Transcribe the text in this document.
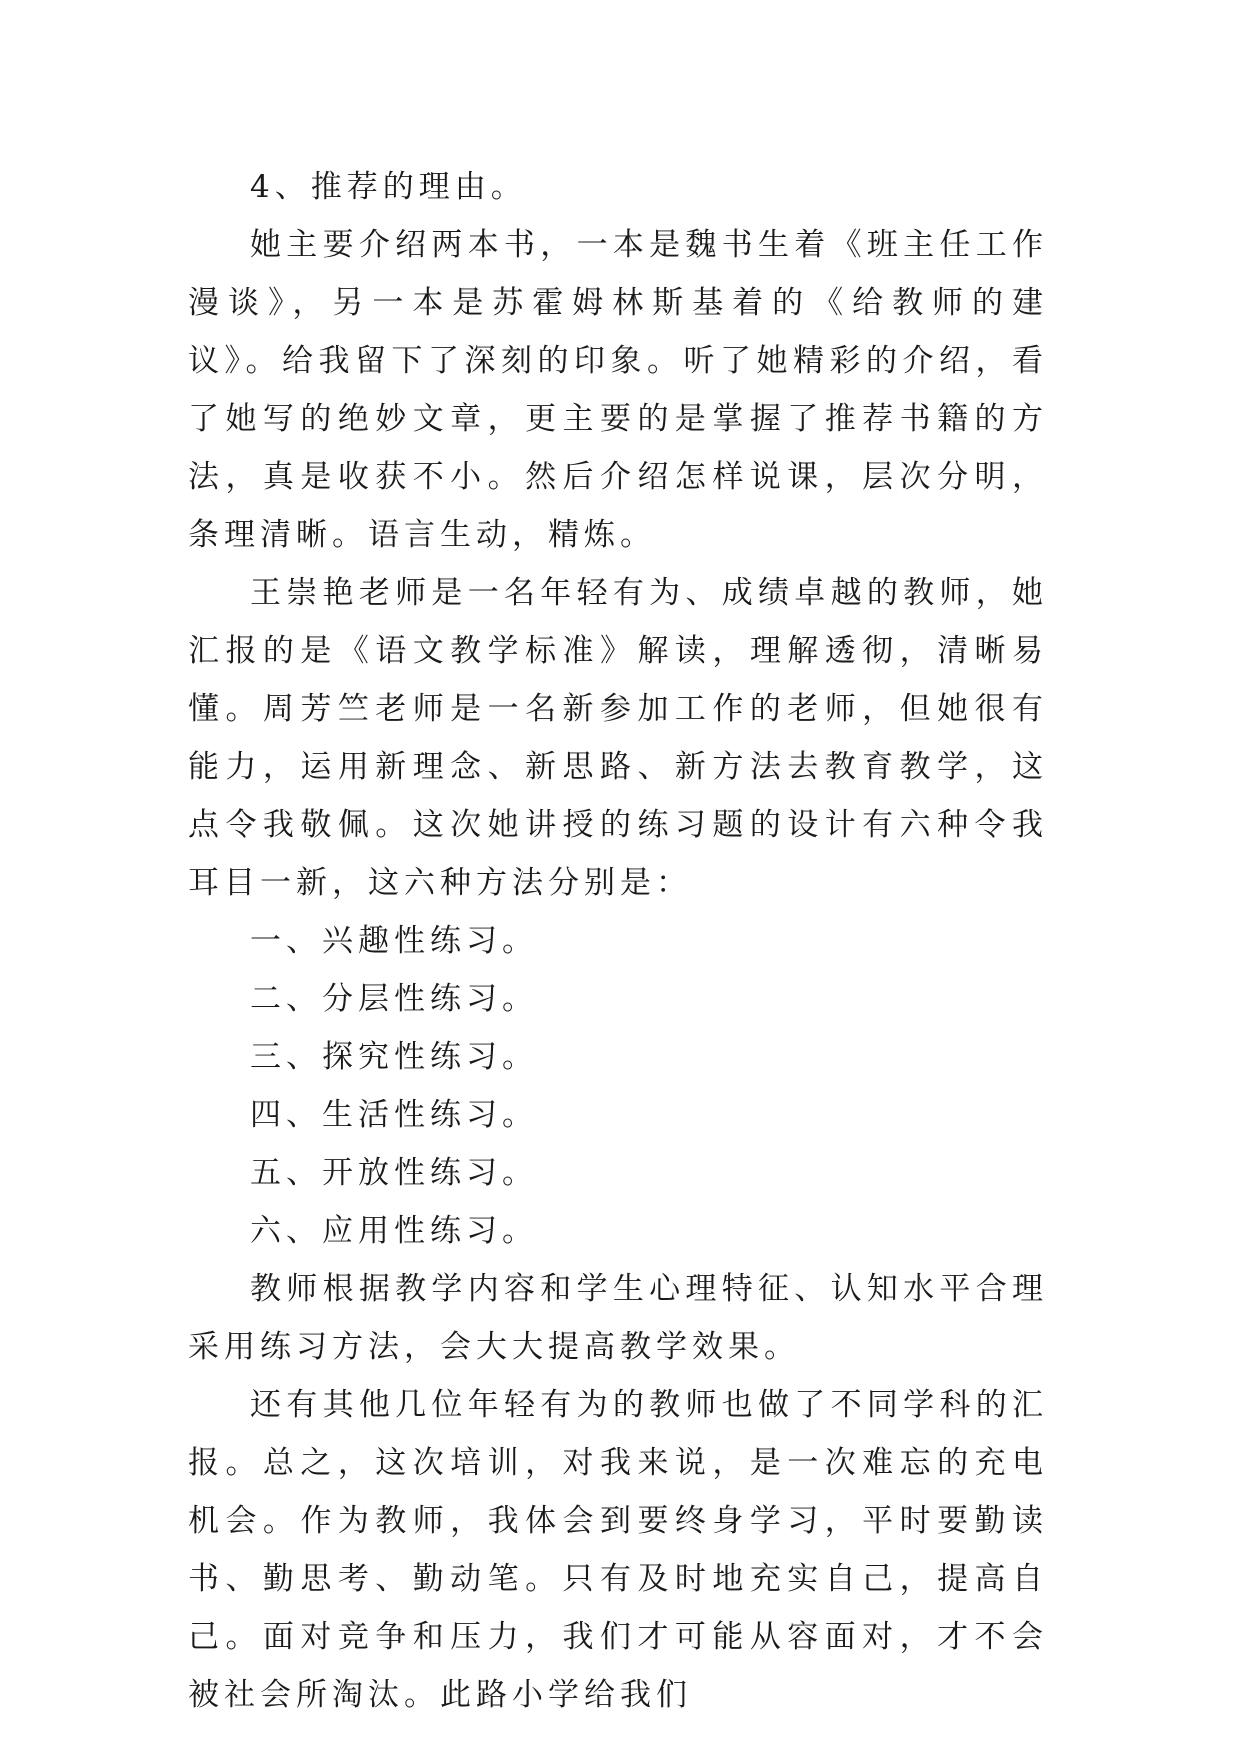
4、推荐的理由。

她主要介绍两本书，一本是魏书生着《班主任工作漫谈》，另一本是苏霍姆林斯基着的《给教师的建议》。给我留下了深刻的印象。听了她精彩的介绍，看了她写的绝妙文章，更主要的是掌握了推荐书籍的方法，真是收获不小。然后介绍怎样说课，层次分明，条理清晰。语言生动，精炼。

王崇艳老师是一名年轻有为、成绩卓越的教师，她汇报的是《语文教学标准》解读，理解透彻，清晰易懂。周芳竺老师是一名新参加工作的老师，但她很有能力，运用新理念、新思路、新方法去教育教学，这点令我敬佩。这次她讲授的练习题的设计有六种令我耳目一新，这六种方法分别是：

一、兴趣性练习。

二、分层性练习。

三、探究性练习。

四、生活性练习。

五、开放性练习。

六、应用性练习。

教师根据教学内容和学生心理特征、认知水平合理采用练习方法，会大大提高教学效果。

还有其他几位年轻有为的教师也做了不同学科的汇报。总之，这次培训，对我来说，是一次难忘的充电机会。作为教师，我体会到要终身学习，平时要勤读书、勤思考、勤动笔。只有及时地充实自己，提高自己。面对竞争和压力，我们才可能从容面对，才不会被社会所淘汰。此路小学给我们
